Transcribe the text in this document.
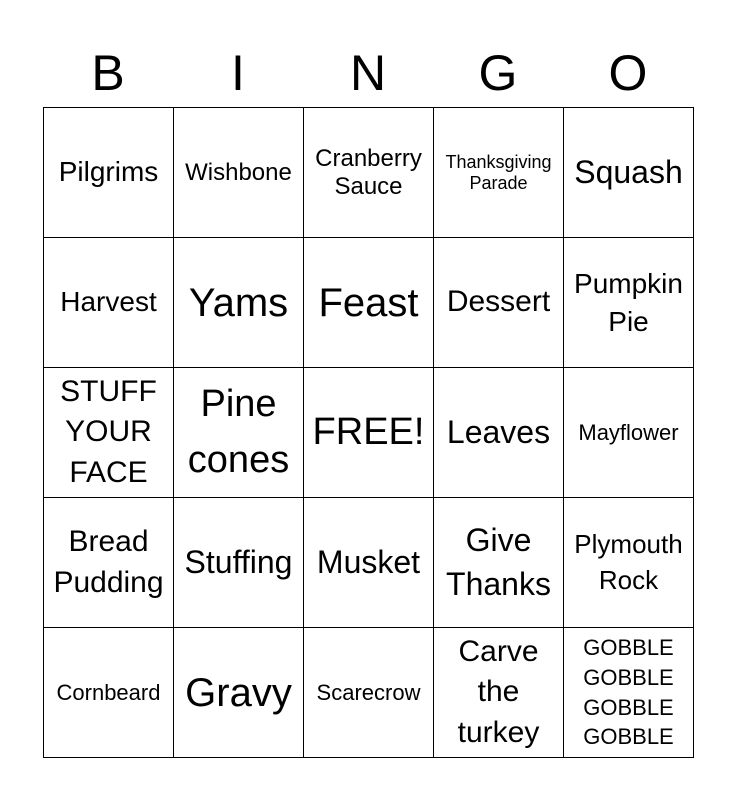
B	I	N	G	O
Pilgrims	Wishbone	Cranberry Sauce	Thanksgiving Parade	Squash
Harvest	Yams	Feast	Dessert	Pumpkin Pie
STUFF YOUR FACE	Pine cones	FREE!	Leaves	Mayflower
Bread Pudding	Stuffing	Musket	Give Thanks	Plymouth Rock
Cornbeard	Gravy	Scarecrow	Carve the turkey	GOBBLE GOBBLE GOBBLE GOBBLE
